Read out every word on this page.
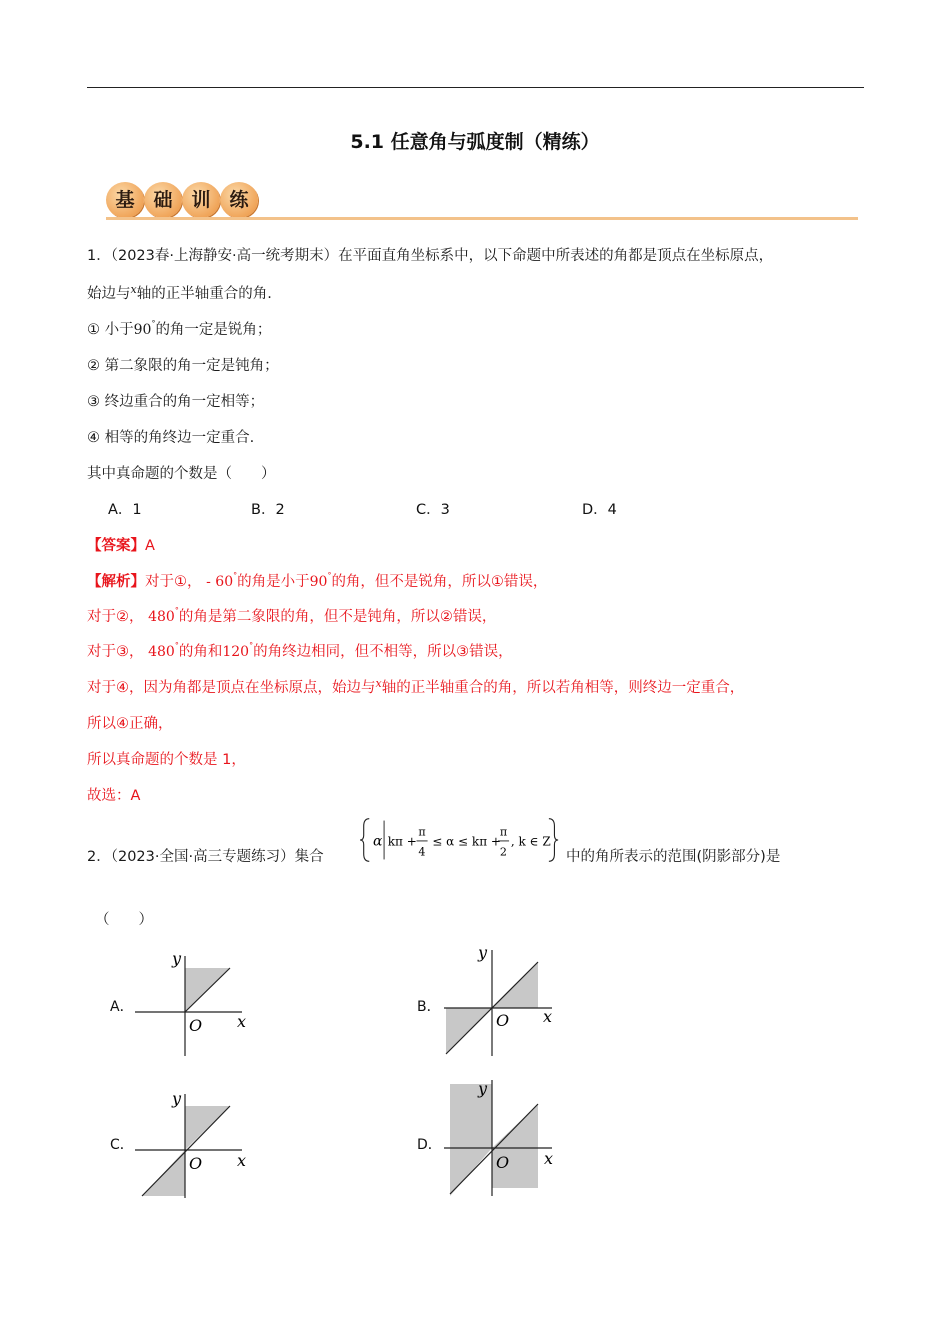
5.1 任意角与弧度制（精练）
基 础 训 练
1．（2023春·上海静安·高一统考期末）在平面直角坐标系中，以下命题中所表述的角都是顶点在坐标原点，
始边与$^x$轴的正半轴重合的角.
① 小于90°的角一定是锐角；
② 第二象限的角一定是钝角；
③ 终边重合的角一定相等；
④ 相等的角终边一定重合.
其中真命题的个数是（　　）
A．1	B．2	C．3	D．4
【答案】A
【解析】对于①， - 60°的角是小于90°的角，但不是锐角，所以①错误，
对于②， 480°的角是第二象限的角，但不是钝角，所以②错误，
对于③， 480°的角和120°的角终边相同，但不相等，所以③错误，
对于④，因为角都是顶点在坐标原点，始边与$^x$轴的正半轴重合的角，所以若角相等，则终边一定重合，
所以④正确，
所以真命题的个数是 1，
故选：A
2．（2023·全国·高三专题练习）集合
α kπ +
π
4
≤ α ≤ kπ +
π
2
, k ∈ Z
中的角所表示的范围(阴影部分)是
（　　）
A．
y
x
O
B．
y
x
O
C．
y
x
O
D．
y
x
O
